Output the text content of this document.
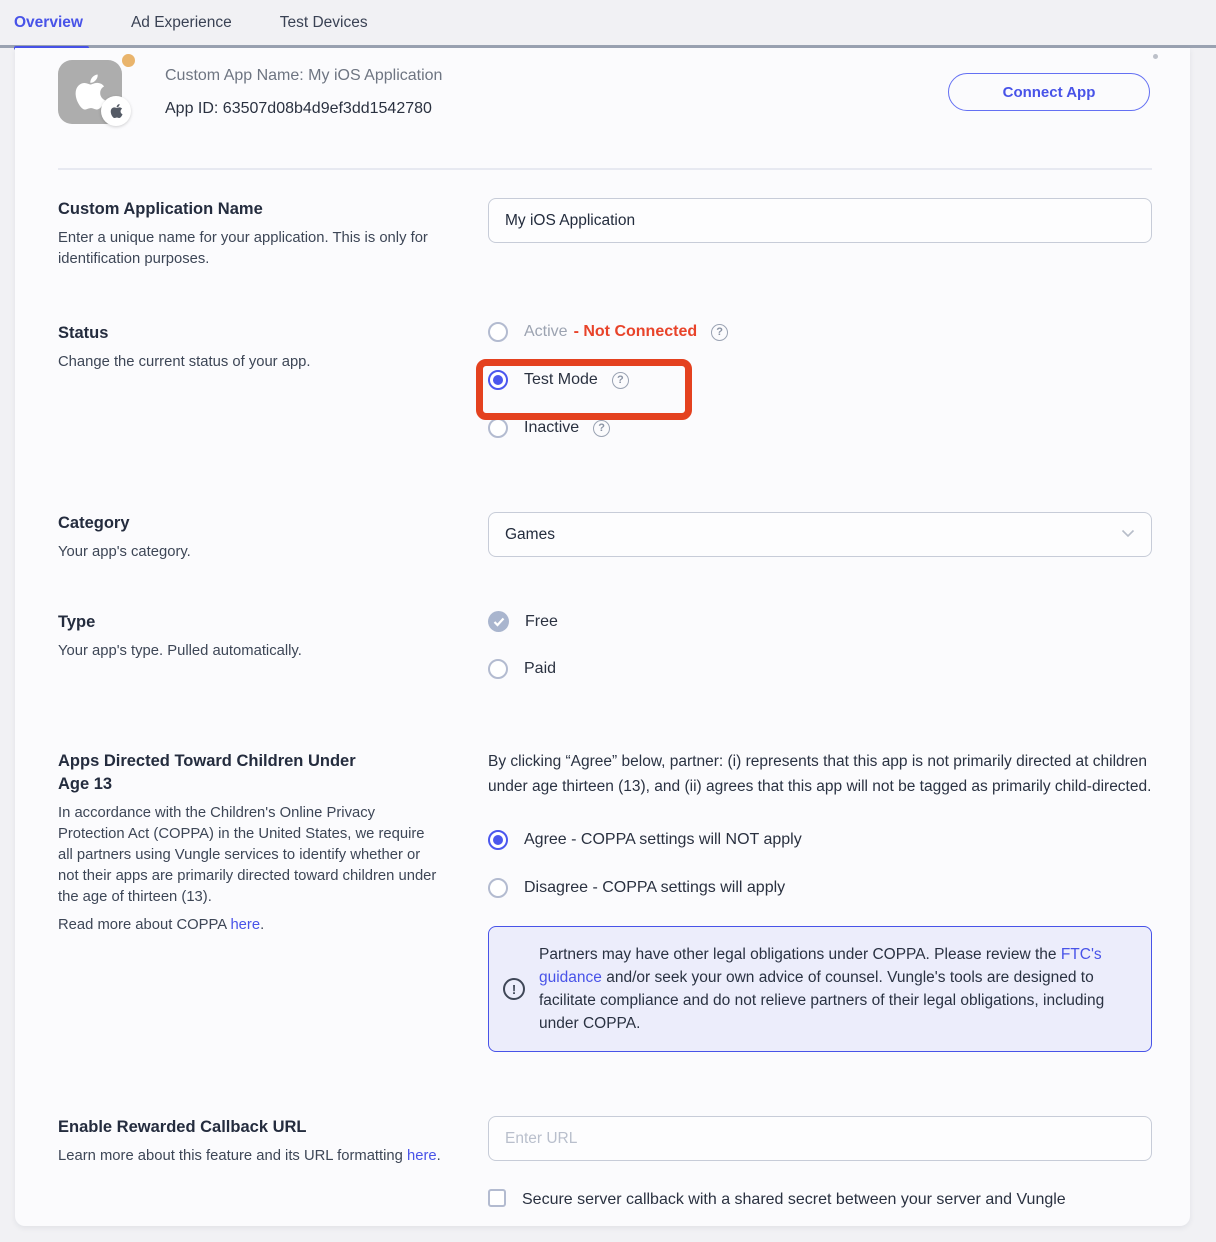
Overview	Ad Experience	Test Devices
Custom App Name: My iOS Application
App ID: 63507d08b4d9ef3dd1542780
Connect App
Custom Application Name
Enter a unique name for your application. This is only for identification purposes.
My iOS Application
Status
Change the current status of your app.
Active - Not Connected	?
Test Mode	?
Inactive	?
Category
Your app's category.
Games
Type
Your app's type. Pulled automatically.
Free
Paid
Apps Directed Toward Children Under Age 13
In accordance with the Children's Online Privacy Protection Act (COPPA) in the United States, we require all partners using Vungle services to identify whether or not their apps are primarily directed toward children under the age of thirteen (13).
Read more about COPPA here.
By clicking “Agree” below, partner: (i) represents that this app is not primarily directed at children under age thirteen (13), and (ii) agrees that this app will not be tagged as primarily child-directed.
Agree - COPPA settings will NOT apply
Disagree - COPPA settings will apply
!
Partners may have other legal obligations under COPPA. Please review the FTC's guidance and/or seek your own advice of counsel. Vungle's tools are designed to facilitate compliance and do not relieve partners of their legal obligations, including under COPPA.
Enable Rewarded Callback URL
Learn more about this feature and its URL formatting here.
Enter URL
Secure server callback with a shared secret between your server and Vungle
